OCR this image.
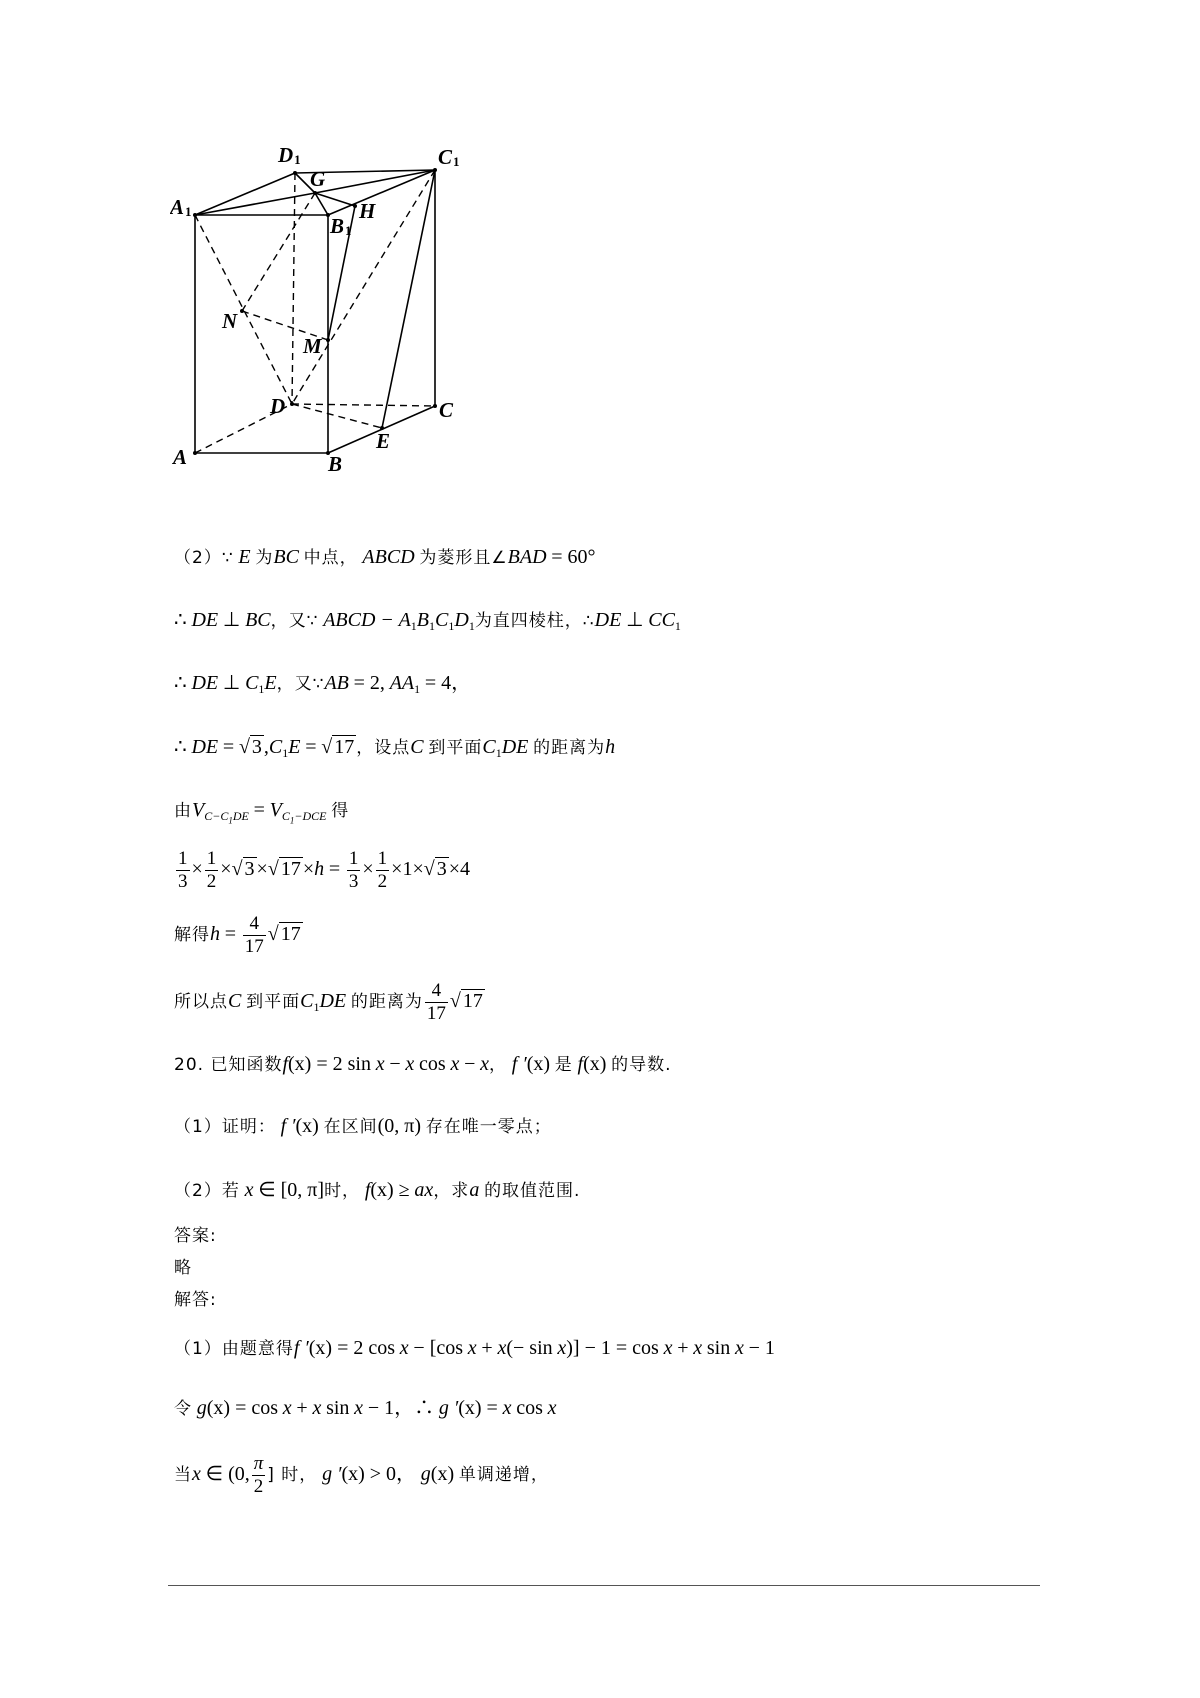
D1	C1
G
A1
B1
H
N
M
D	C
A	B
E
（2）∵ E 为BC 中点， ABCD 为菱形且∠BAD = 60°
∴ DE ⊥ BC，又∵ ABCD − $A_1B_1C_1D_1$为直四棱柱，∴DE ⊥ $CC_1$
∴ DE ⊥ $C_1E$，又∵AB = 2, $AA_1 = 4$，
∴ DE = √ 3 $,C_1E$ = √ 17 ，设点C 到平面$C_1DE$ 的距离为h
由$V_{C-C_1DE} = V_{C_1-DCE}$ 得
$\frac{1}{3} \times \frac{1}{2}$ ×√ 3 ×√ $17 \times h = \frac{1}{3} \times \frac{1}{2} \times 1\times√$ 3 ×4
解得$h = \frac{4}{17}$ √ 17
所以点C 到平面$C_1DE$ 的距离为 $\frac{4}{17}$ √ 17
20. 已知函数f(x) = 2 sin x − x cos x − x， f ′(x) 是 f(x) 的导数.
（1）证明： f ′(x) 在区间(0, π) 存在唯一零点；
（2）若 x ∈ [0, π]时， f(x) ≥ ax，求a 的取值范围.
答案:
略
解答:
（1）由题意得f ′(x) = 2 cos x − [cos x + x(− sin x)] − 1 = cos x + x sin x − 1
令 g(x) = cos x + x sin x − 1，∴ g ′(x) = x cos x
当x ∈ (0, $\frac{\pi}{2}$ ] 时， g ′(x) > 0， g(x) 单调递增，
